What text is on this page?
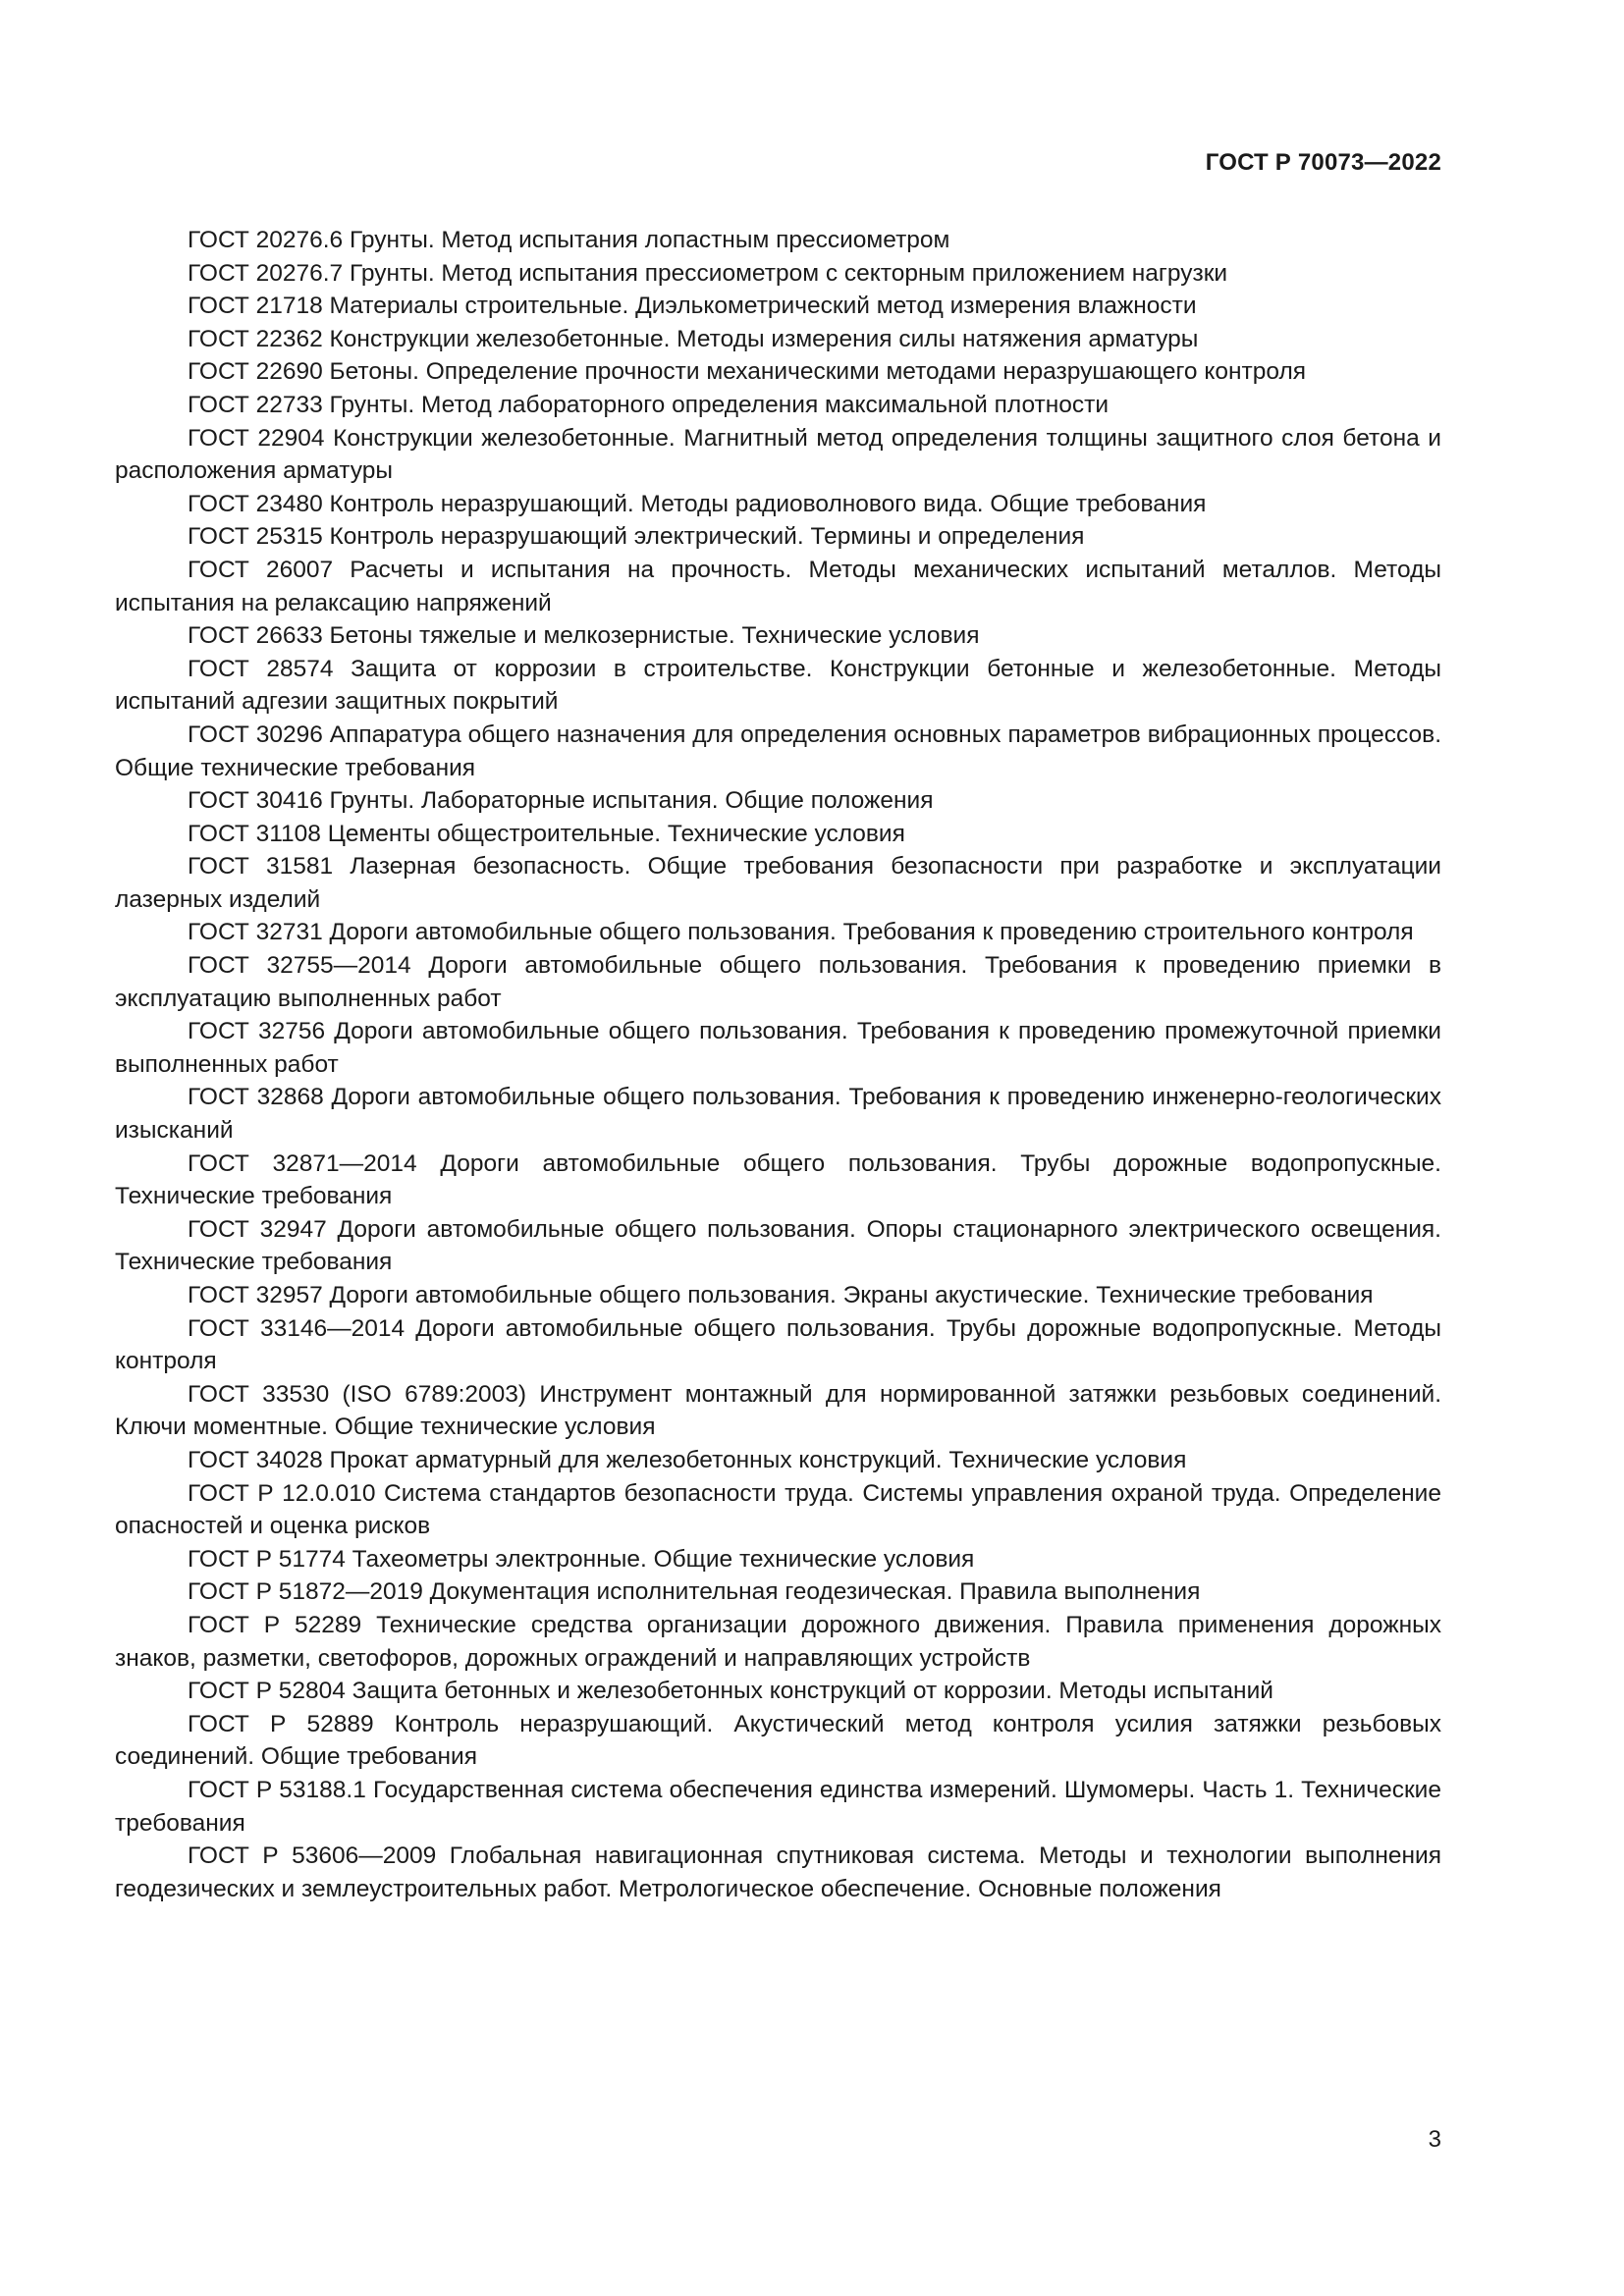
ГОСТ Р 70073—2022
ГОСТ 20276.6 Грунты. Метод испытания лопастным прессиометром
ГОСТ 20276.7 Грунты. Метод испытания прессиометром с секторным приложением нагрузки
ГОСТ 21718 Материалы строительные. Диэлькометрический метод измерения влажности
ГОСТ 22362 Конструкции железобетонные. Методы измерения силы натяжения арматуры
ГОСТ 22690 Бетоны. Определение прочности механическими методами неразрушающего контроля
ГОСТ 22733 Грунты. Метод лабораторного определения максимальной плотности
ГОСТ 22904 Конструкции железобетонные. Магнитный метод определения толщины защитного слоя бетона и расположения арматуры
ГОСТ 23480 Контроль неразрушающий. Методы радиоволнового вида. Общие требования
ГОСТ 25315 Контроль неразрушающий электрический. Термины и определения
ГОСТ 26007 Расчеты и испытания на прочность. Методы механических испытаний металлов. Методы испытания на релаксацию напряжений
ГОСТ 26633 Бетоны тяжелые и мелкозернистые. Технические условия
ГОСТ 28574 Защита от коррозии в строительстве. Конструкции бетонные и железобетонные. Методы испытаний адгезии защитных покрытий
ГОСТ 30296 Аппаратура общего назначения для определения основных параметров вибрационных процессов. Общие технические требования
ГОСТ 30416 Грунты. Лабораторные испытания. Общие положения
ГОСТ 31108 Цементы общестроительные. Технические условия
ГОСТ 31581 Лазерная безопасность. Общие требования безопасности при разработке и эксплуатации лазерных изделий
ГОСТ 32731 Дороги автомобильные общего пользования. Требования к проведению строительного контроля
ГОСТ 32755—2014 Дороги автомобильные общего пользования. Требования к проведению приемки в эксплуатацию выполненных работ
ГОСТ 32756 Дороги автомобильные общего пользования. Требования к проведению промежуточной приемки выполненных работ
ГОСТ 32868 Дороги автомобильные общего пользования. Требования к проведению инженерно-геологических изысканий
ГОСТ 32871—2014 Дороги автомобильные общего пользования. Трубы дорожные водопропускные. Технические требования
ГОСТ 32947 Дороги автомобильные общего пользования. Опоры стационарного электрического освещения. Технические требования
ГОСТ 32957 Дороги автомобильные общего пользования. Экраны акустические. Технические требования
ГОСТ 33146—2014 Дороги автомобильные общего пользования. Трубы дорожные водопропускные. Методы контроля
ГОСТ 33530 (ISO 6789:2003) Инструмент монтажный для нормированной затяжки резьбовых соединений. Ключи моментные. Общие технические условия
ГОСТ 34028 Прокат арматурный для железобетонных конструкций. Технические условия
ГОСТ Р 12.0.010 Система стандартов безопасности труда. Системы управления охраной труда. Определение опасностей и оценка рисков
ГОСТ Р 51774 Тахеометры электронные. Общие технические условия
ГОСТ Р 51872—2019 Документация исполнительная геодезическая. Правила выполнения
ГОСТ Р 52289 Технические средства организации дорожного движения. Правила применения дорожных знаков, разметки, светофоров, дорожных ограждений и направляющих устройств
ГОСТ Р 52804 Защита бетонных и железобетонных конструкций от коррозии. Методы испытаний
ГОСТ Р 52889 Контроль неразрушающий. Акустический метод контроля усилия затяжки резьбовых соединений. Общие требования
ГОСТ Р 53188.1 Государственная система обеспечения единства измерений. Шумомеры. Часть 1. Технические требования
ГОСТ Р 53606—2009 Глобальная навигационная спутниковая система. Методы и технологии выполнения геодезических и землеустроительных работ. Метрологическое обеспечение. Основные положения
3
